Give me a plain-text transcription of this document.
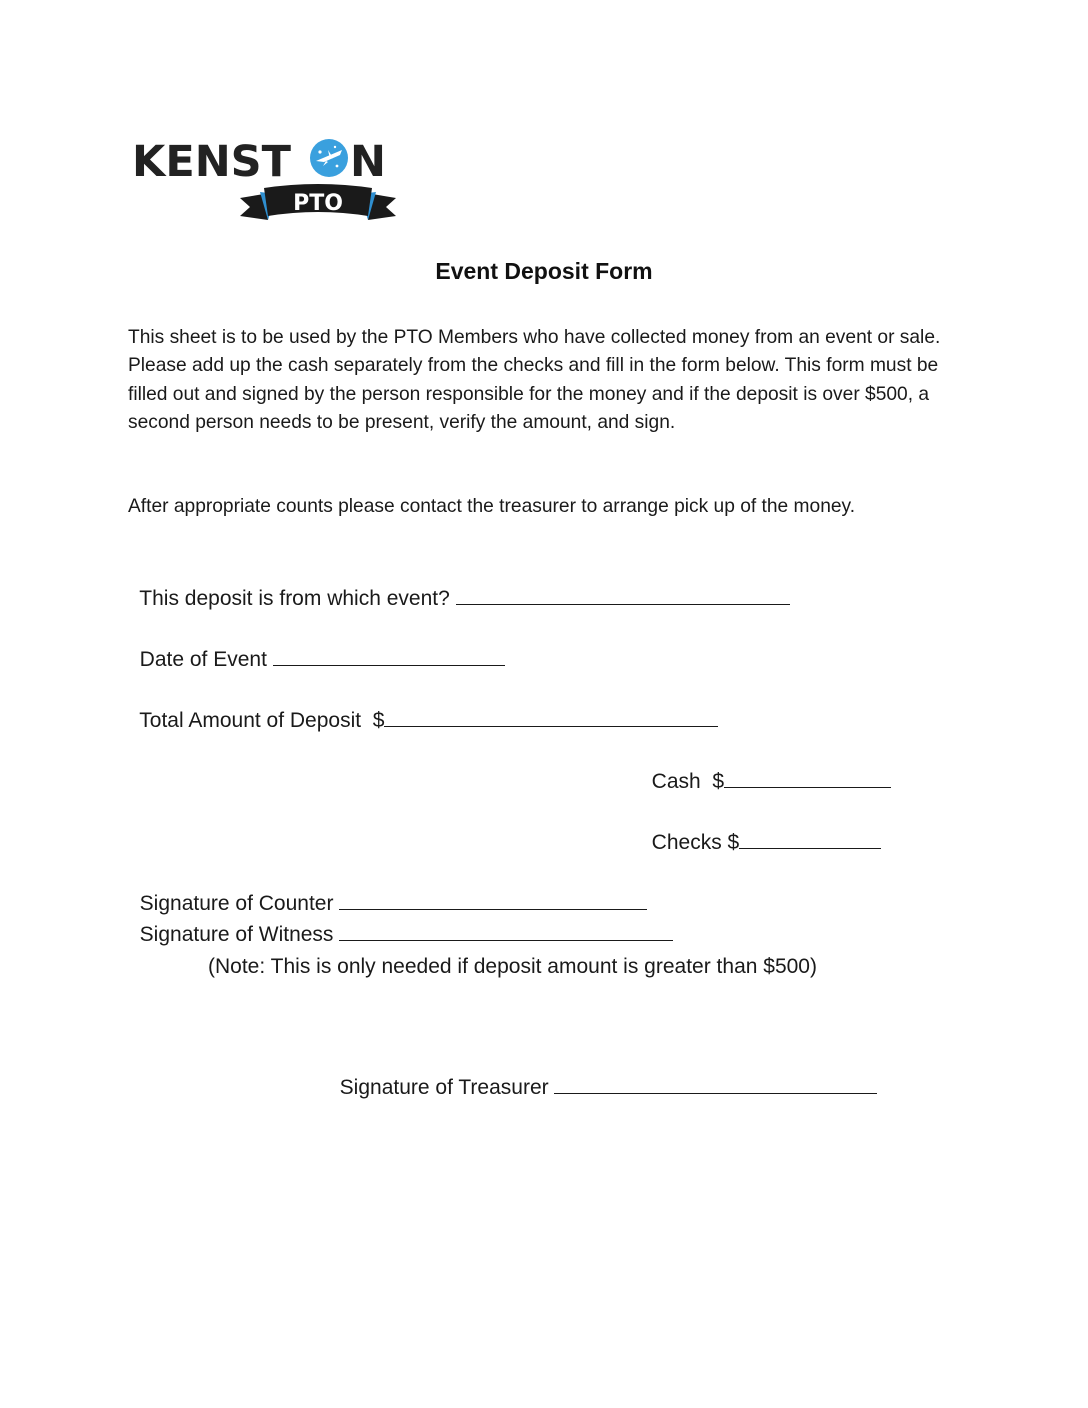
KENST N
PTO
Event Deposit Form
This sheet is to be used by the PTO Members who have collected money from an event or sale. Please add up the cash separately from the checks and fill in the form below. This form must be filled out and signed by the person responsible for the money and if the deposit is over $500, a second person needs to be present, verify the amount, and sign.
After appropriate counts please contact the treasurer to arrange pick up of the money.

This deposit is from which event?

Date of Event

Total Amount of Deposit  $

Cash  $

Checks $

Signature of Counter

Signature of Witness

(Note: This is only needed if deposit amount is greater than $500)

Signature of Treasurer
